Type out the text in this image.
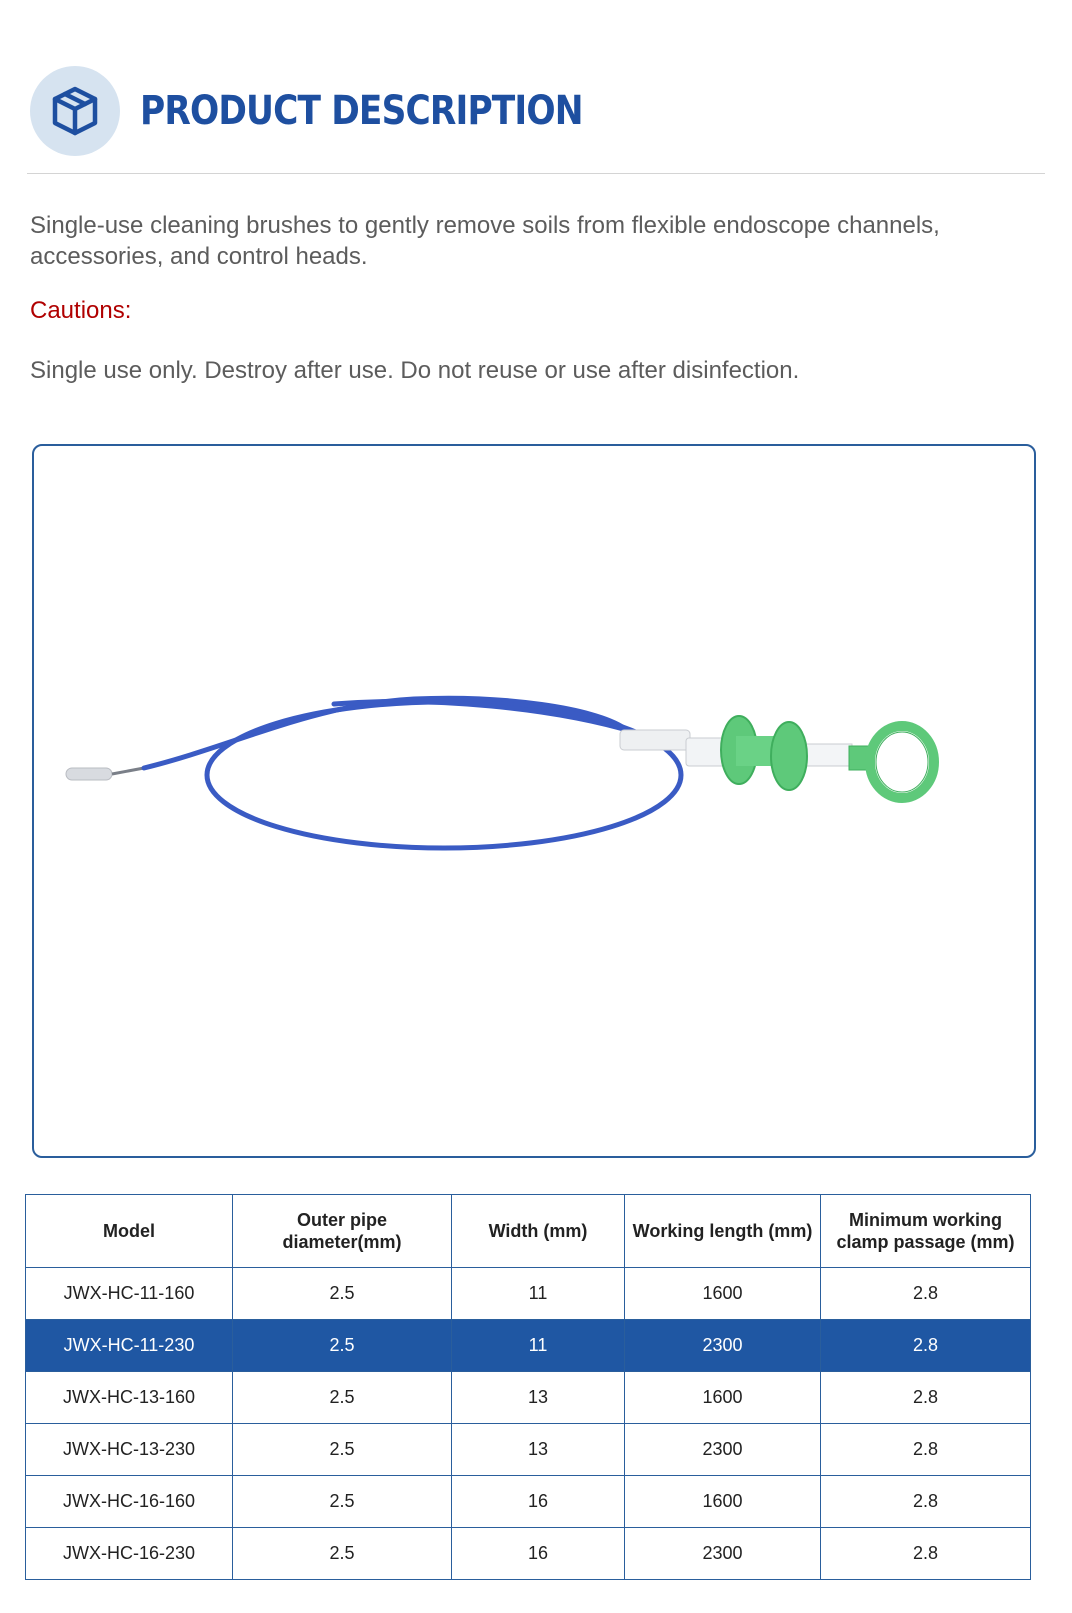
PRODUCT DESCRIPTION

Single-use cleaning brushes to gently remove soils from flexible endoscope channels, accessories, and control heads.

Cautions:

Single use only. Destroy after use. Do not reuse or use after disinfection.

Model	Outer pipe diameter(mm)	Width (mm)	Working length (mm)	Minimum working clamp passage (mm)
JWX-HC-11-160	2.5	11	1600	2.8
JWX-HC-11-230	2.5	11	2300	2.8
JWX-HC-13-160	2.5	13	1600	2.8
JWX-HC-13-230	2.5	13	2300	2.8
JWX-HC-16-160	2.5	16	1600	2.8
JWX-HC-16-230	2.5	16	2300	2.8
